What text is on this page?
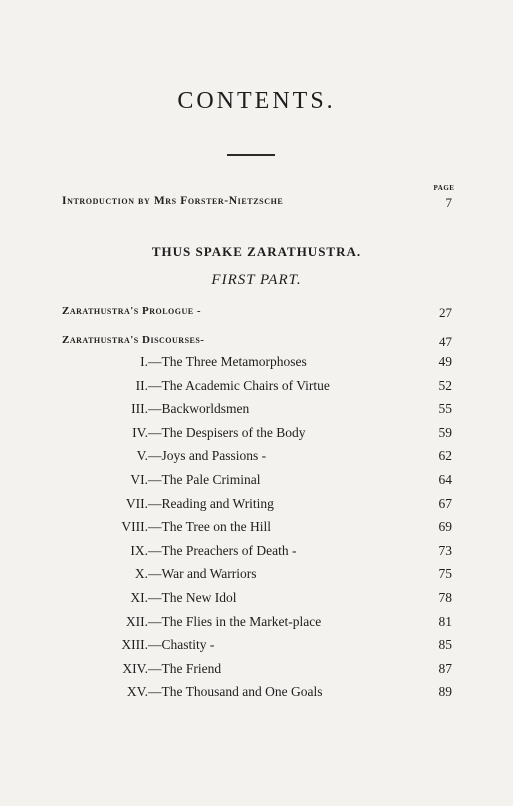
CONTENTS.
PAGE
Introduction by Mrs Forster-Nietzsche	7
THUS SPAKE ZARATHUSTRA.
FIRST PART.
Zarathustra's Prologue -	27
Zarathustra's Discourses-	47
I. —The Three Metamorphoses	49
II. —The Academic Chairs of Virtue	52
III. —Backworldsmen	55
IV. —The Despisers of the Body	59
V. —Joys and Passions -	62
VI. —The Pale Criminal	64
VII. —Reading and Writing	67
VIII. —The Tree on the Hill	69
IX. —The Preachers of Death -	73
X. —War and Warriors	75
XI. —The New Idol	78
XII. —The Flies in the Market-place	81
XIII. —Chastity -	85
XIV. —The Friend	87
XV. —The Thousand and One Goals	89
